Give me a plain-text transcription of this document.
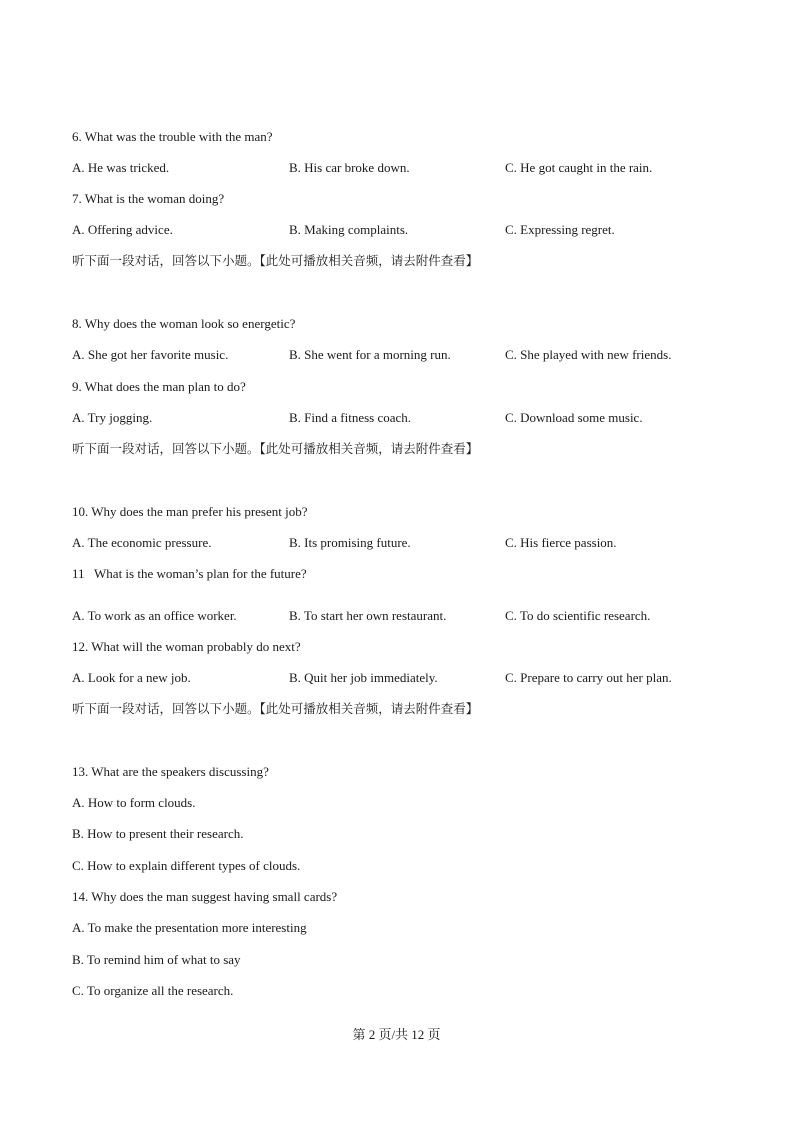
6. What was the trouble with the man?
A. He was tricked.	B. His car broke down.	C. He got caught in the rain.
7. What is the woman doing?
A. Offering advice.	B. Making complaints.	C. Expressing regret.
听下面一段对话，回答以下小题。【此处可播放相关音频，请去附件查看】
8. Why does the woman look so energetic?
A. She got her favorite music.	B. She went for a morning run.	C. She played with new friends.
9. What does the man plan to do?
A. Try jogging.	B. Find a fitness coach.	C. Download some music.
听下面一段对话，回答以下小题。【此处可播放相关音频，请去附件查看】
10. Why does the man prefer his present job?
A. The economic pressure.	B. Its promising future.	C. His fierce passion.
11   What is the woman’s plan for the future?
A. To work as an office worker.	B. To start her own restaurant.	C. To do scientific research.
12. What will the woman probably do next?
A. Look for a new job.	B. Quit her job immediately.	C. Prepare to carry out her plan.
听下面一段对话，回答以下小题。【此处可播放相关音频，请去附件查看】
13. What are the speakers discussing?
A. How to form clouds.
B. How to present their research.
C. How to explain different types of clouds.
14. Why does the man suggest having small cards?
A. To make the presentation more interesting
B. To remind him of what to say
C. To organize all the research.
第 2 页/共 12 页
